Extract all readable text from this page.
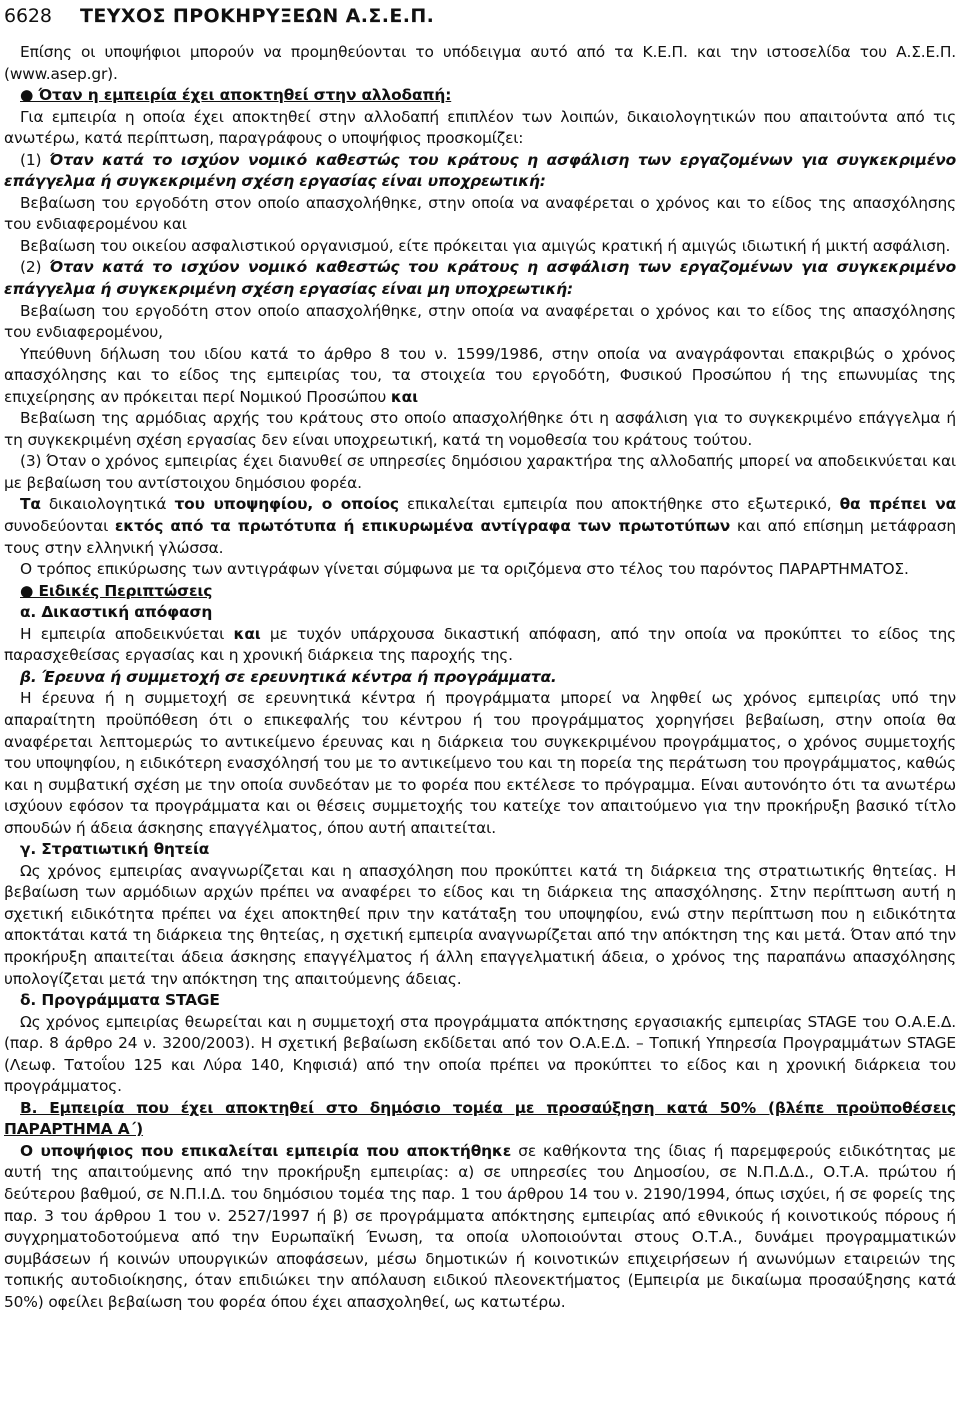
6628 ΤΕΥΧΟΣ ΠΡΟΚΗΡΥΞΕΩΝ Α.Σ.Ε.Π.

Επίσης οι υποψήφιοι μπορούν να προμηθεύονται το υπόδειγμα αυτό από τα Κ.Ε.Π. και την ιστοσελίδα του Α.Σ.Ε.Π. (www.asep.gr).

● Όταν η εμπειρία έχει αποκτηθεί στην αλλοδαπή:

Για εμπειρία η οποία έχει αποκτηθεί στην αλλοδαπή επιπλέον των λοιπών, δικαιολογητικών που απαιτούντα από τις ανωτέρω, κατά περίπτωση, παραγράφους ο υποψήφιος προσκομίζει:

(1) Όταν κατά το ισχύον νομικό καθεστώς του κράτους η ασφάλιση των εργαζομένων για συγκεκριμένο επάγγελμα ή συγκεκριμένη σχέση εργασίας είναι υποχρεωτική:

Βεβαίωση του εργοδότη στον οποίο απασχολήθηκε, στην οποία να αναφέρεται ο χρόνος και το είδος της απασχόλησης του ενδιαφερομένου και

Βεβαίωση του οικείου ασφαλιστικού οργανισμού, είτε πρόκειται για αμιγώς κρατική ή αμιγώς ιδιωτική ή μικτή ασφάλιση.

(2) Όταν κατά το ισχύον νομικό καθεστώς του κράτους η ασφάλιση των εργαζομένων για συγκεκριμένο επάγγελμα ή συγκεκριμένη σχέση εργασίας είναι μη υποχρεωτική:

Βεβαίωση του εργοδότη στον οποίο απασχολήθηκε, στην οποία να αναφέρεται ο χρόνος και το είδος της απασχόλησης του ενδιαφερομένου,

Υπεύθυνη δήλωση του ιδίου κατά το άρθρο 8 του ν. 1599/1986, στην οποία να αναγράφονται επακριβώς ο χρόνος απασχόλησης και το είδος της εμπειρίας του, τα στοιχεία του εργοδότη, Φυσικού Προσώπου ή της επωνυμίας της επιχείρησης αν πρόκειται περί Νομικού Προσώπου και

Βεβαίωση της αρμόδιας αρχής του κράτους στο οποίο απασχολήθηκε ότι η ασφάλιση για το συγκεκριμένο επάγγελμα ή τη συγκεκριμένη σχέση εργασίας δεν είναι υποχρεωτική, κατά τη νομοθεσία του κράτους τούτου.

(3) Όταν ο χρόνος εμπειρίας έχει διανυθεί σε υπηρεσίες δημόσιου χαρακτήρα της αλλοδαπής μπορεί να αποδεικνύεται και με βεβαίωση του αντίστοιχου δημόσιου φορέα.

Τα δικαιολογητικά του υποψηφίου, ο οποίος επικαλείται εμπειρία που αποκτήθηκε στο εξωτερικό, θα πρέπει να συνοδεύονται εκτός από τα πρωτότυπα ή επικυρωμένα αντίγραφα των πρωτοτύπων και από επίσημη μετάφραση τους στην ελληνική γλώσσα.

Ο τρόπος επικύρωσης των αντιγράφων γίνεται σύμφωνα με τα οριζόμενα στο τέλος του παρόντος ΠΑΡΑΡΤΗΜΑΤΟΣ.

● Ειδικές Περιπτώσεις

α. Δικαστική απόφαση

Η εμπειρία αποδεικνύεται και με τυχόν υπάρχουσα δικαστική απόφαση, από την οποία να προκύπτει το είδος της παρασχεθείσας εργασίας και η χρονική διάρκεια της παροχής της.

β. Έρευνα ή συμμετοχή σε ερευνητικά κέντρα ή προγράμματα.

Η έρευνα ή η συμμετοχή σε ερευνητικά κέντρα ή προγράμματα μπορεί να ληφθεί ως χρόνος εμπειρίας υπό την απαραίτητη προϋπόθεση ότι ο επικεφαλής του κέντρου ή του προγράμματος χορηγήσει βεβαίωση, στην οποία θα αναφέρεται λεπτομερώς το αντικείμενο έρευνας και η διάρκεια του συγκεκριμένου προγράμματος, ο χρόνος συμμετοχής του υποψηφίου, η ειδικότερη ενασχόλησή του με το αντικείμενο του και τη πορεία της περάτωση του προγράμματος, καθώς και η συμβατική σχέση με την οποία συνδεόταν με το φορέα που εκτέλεσε το πρόγραμμα. Είναι αυτονόητο ότι τα ανωτέρω ισχύουν εφόσον τα προγράμματα και οι θέσεις συμμετοχής του κατείχε τον απαιτούμενο για την προκήρυξη βασικό τίτλο σπουδών ή άδεια άσκησης επαγγέλματος, όπου αυτή απαιτείται.

γ. Στρατιωτική θητεία

Ως χρόνος εμπειρίας αναγνωρίζεται και η απασχόληση που προκύπτει κατά τη διάρκεια της στρατιωτικής θητείας. Η βεβαίωση των αρμόδιων αρχών πρέπει να αναφέρει το είδος και τη διάρκεια της απασχόλησης. Στην περίπτωση αυτή η σχετική ειδικότητα πρέπει να έχει αποκτηθεί πριν την κατάταξη του υποψηφίου, ενώ στην περίπτωση που η ειδικότητα αποκτάται κατά τη διάρκεια της θητείας, η σχετική εμπειρία αναγνωρίζεται από την απόκτηση της και μετά. Όταν από την προκήρυξη απαιτείται άδεια άσκησης επαγγέλματος ή άλλη επαγγελματική άδεια, ο χρόνος της παραπάνω απασχόλησης υπολογίζεται μετά την απόκτηση της απαιτούμενης άδειας.

δ. Προγράμματα STAGE

Ως χρόνος εμπειρίας θεωρείται και η συμμετοχή στα προγράμματα απόκτησης εργασιακής εμπειρίας STAGE του Ο.Α.Ε.Δ. (παρ. 8 άρθρο 24 ν. 3200/2003). Η σχετική βεβαίωση εκδίδεται από τον Ο.Α.Ε.Δ. – Τοπική Υπηρεσία Προγραμμάτων STAGE (Λεωφ. Τατοΐου 125 και Λύρα 140, Κηφισιά) από την οποία πρέπει να προκύπτει το είδος και η χρονική διάρκεια του προγράμματος.

Β. Εμπειρία που έχει αποκτηθεί στο δημόσιο τομέα με προσαύξηση κατά 50% (βλέπε προϋποθέσεις ΠΑΡΑΡΤΗΜΑ Α΄)

Ο υποψήφιος που επικαλείται εμπειρία που αποκτήθηκε σε καθήκοντα της ίδιας ή παρεμφερούς ειδικότητας με αυτή της απαιτούμενης από την προκήρυξη εμπειρίας: α) σε υπηρεσίες του Δημοσίου, σε Ν.Π.Δ.Δ., Ο.Τ.Α. πρώτου ή δεύτερου βαθμού, σε Ν.Π.Ι.Δ. του δημόσιου τομέα της παρ. 1 του άρθρου 14 του ν. 2190/1994, όπως ισχύει, ή σε φορείς της παρ. 3 του άρθρου 1 του ν. 2527/1997 ή β) σε προγράμματα απόκτησης εμπειρίας από εθνικούς ή κοινοτικούς πόρους ή συγχρηματοδοτούμενα από την Ευρωπαϊκή Ένωση, τα οποία υλοποιούνται στους Ο.Τ.Α., δυνάμει προγραμματικών συμβάσεων ή κοινών υπουργικών αποφάσεων, μέσω δημοτικών ή κοινοτικών επιχειρήσεων ή ανωνύμων εταιρειών της τοπικής αυτοδιοίκησης, όταν επιδιώκει την απόλαυση ειδικού πλεονεκτήματος (Εμπειρία με δικαίωμα προσαύξησης κατά 50%) οφείλει βεβαίωση του φορέα όπου έχει απασχοληθεί, ως κατωτέρω.
